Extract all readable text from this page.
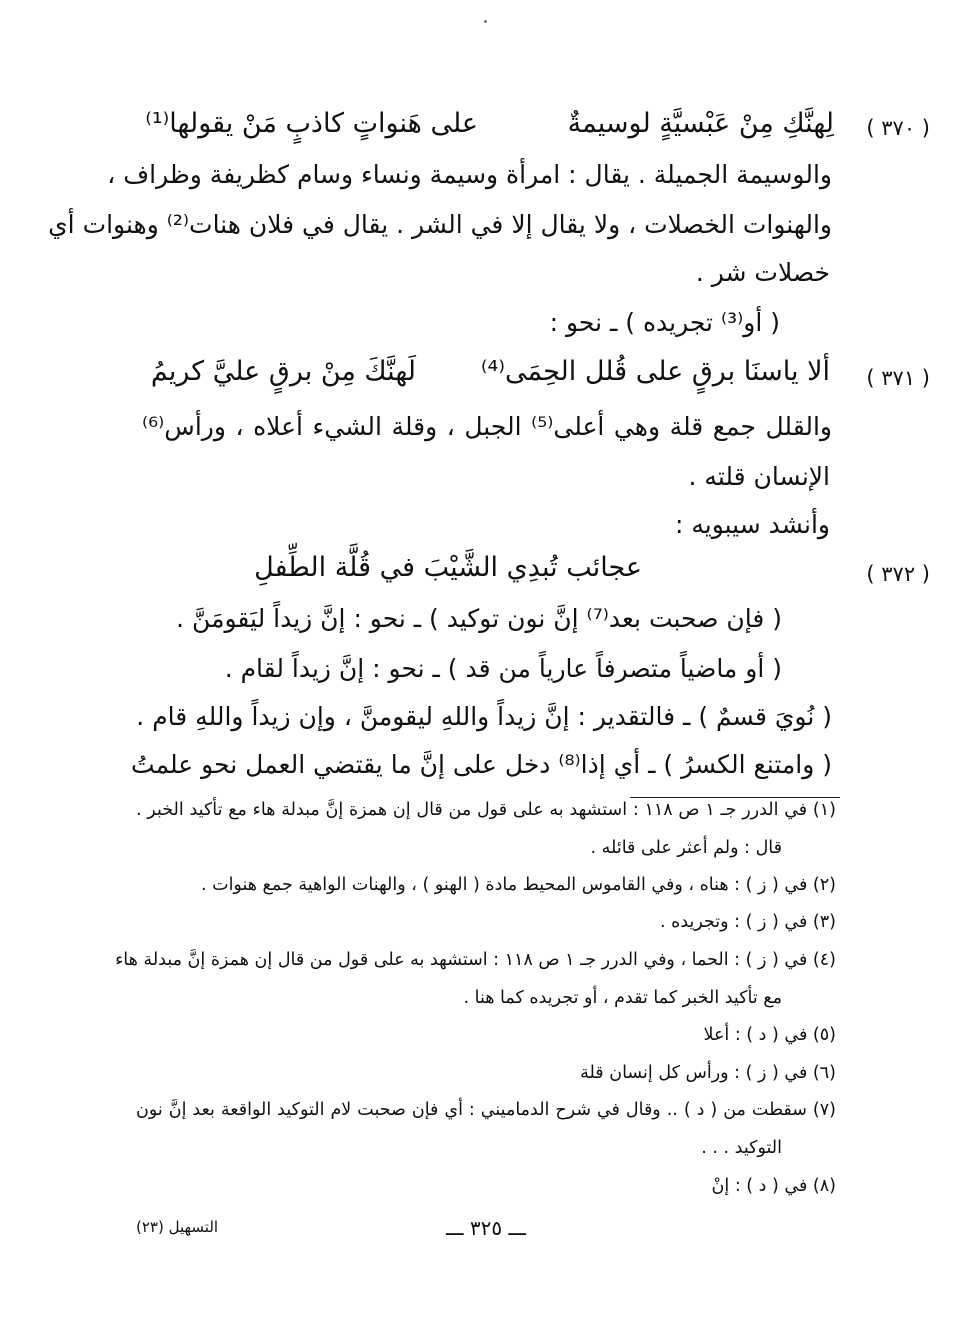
( ٣٧٠ )
على هَنواتٍ كاذبٍ مَنْ يقولها⁽¹⁾	لِهنَّكِ مِنْ عَبْسيَّةٍ لوسيمةٌ
والوسيمة الجميلة . يقال : امرأة وسيمة ونساء وسام كظريفة وظراف ،
والهنوات الخصلات ، ولا يقال إلا في الشر . يقال في فلان هنات⁽²⁾ وهنوات أي
خصلات شر .
( أو⁽³⁾ تجريده ) ـ نحو :
( ٣٧١ )
ألا ياسنَا برقٍ على قُلل الحِمَى⁽⁴⁾
لَهنَّكَ مِنْ برقٍ عليَّ كريمُ
والقلل جمع قلة وهي أعلى⁽⁵⁾ الجبل ، وقلة الشيء أعلاه ، ورأس⁽⁶⁾
الإنسان قلته .
وأنشد سيبويه :
( ٣٧٢ )
عجائب تُبدِي الشَّيْبَ في قُلَّة الطِّفلِ
( فإن صحبت بعد⁽⁷⁾ إنَّ نون توكيد ) ـ نحو : إنَّ زيداً ليَقومَنَّ .
( أو ماضياً متصرفاً عارياً من قد ) ـ نحو : إنَّ زيداً لقام .
( نُويَ قسمٌ ) ـ فالتقدير : إنَّ زيداً واللهِ ليقومنَّ ، وإن زيداً واللهِ قام .
( وامتنع الكسرُ ) ـ أي إذا⁽⁸⁾ دخل على إنَّ ما يقتضي العمل نحو علمتُ
(١) في الدرر جـ ١ ص ١١٨ : استشهد به على قول من قال إن همزة إنَّ مبدلة هاء مع تأكيد الخبر .
قال : ولم أعثر على قائله .
(٢) في ( ز ) : هناه ، وفي القاموس المحيط مادة ( الهنو ) ، والهنات الواهية جمع هنوات .
(٣) في ( ز ) : وتجريده .
(٤) في ( ز ) : الحما ، وفي الدرر جـ ١ ص ١١٨ : استشهد به على قول من قال إن همزة إنَّ مبدلة هاء
مع تأكيد الخبر كما تقدم ، أو تجريده كما هنا .
(٥) في ( د ) : أعلا
(٦) في ( ز ) : ورأس كل إنسان قلة
(٧) سقطت من ( د ) .. وقال في شرح الدماميني : أي فإن صحبت لام التوكيد الواقعة بعد إنَّ نون
التوكيد . . .
(٨) في ( د ) : إنْ
ـــ ٣٢٥ ـــ
التسهيل (٢٣)
